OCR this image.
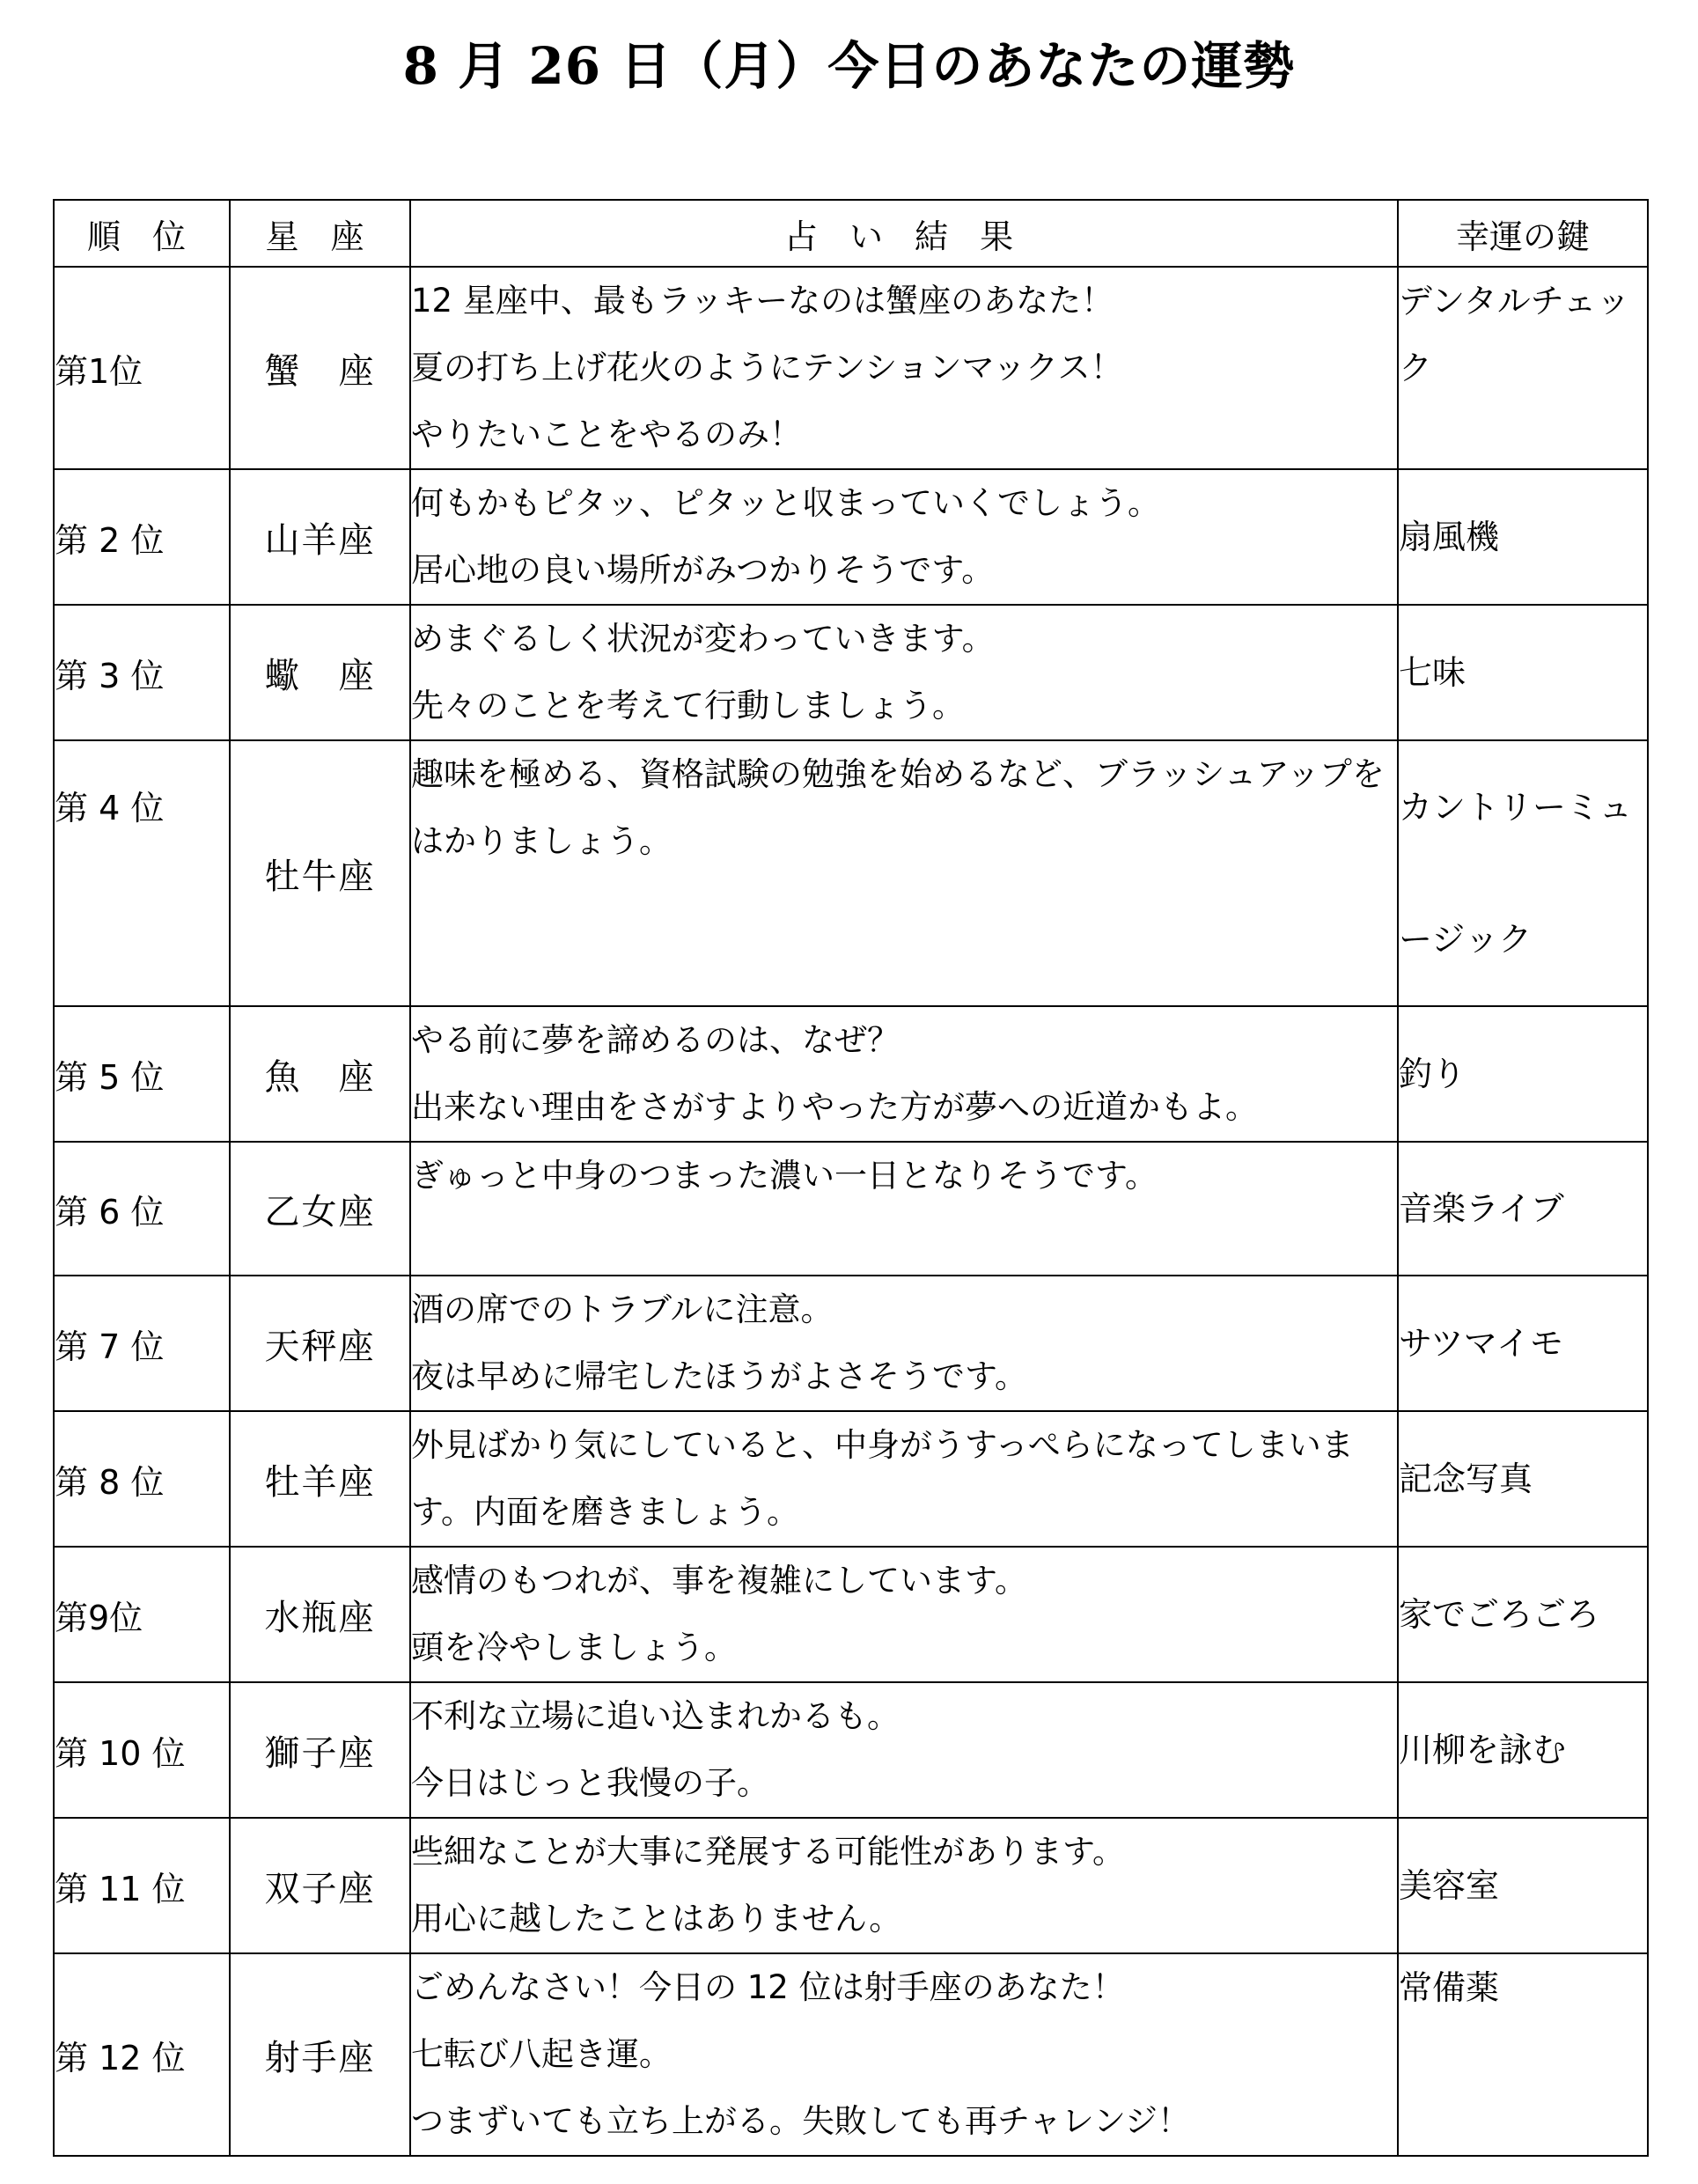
8 月 26 日（月）今日のあなたの運勢
順 位	星 座	占 い 結 果	幸運の鍵
第1位	蟹　座	12 星座中、最もラッキーなのは蟹座のあなた！
夏の打ち上げ花火のようにテンションマックス！
やりたいことをやるのみ！	デンタルチェック
第 2 位	山羊座	何もかもピタッ、ピタッと収まっていくでしょう。
居心地の良い場所がみつかりそうです。	扇風機
第 3 位	蠍　座	めまぐるしく状況が変わっていきます。
先々のことを考えて行動しましょう。	七味
第 4 位	牡牛座	趣味を極める、資格試験の勉強を始めるなど、ブラッシュアップをはかりましょう。	カントリーミュージック
第 5 位	魚　座	やる前に夢を諦めるのは、なぜ？
出来ない理由をさがすよりやった方が夢への近道かもよ。	釣り
第 6 位	乙女座	ぎゅっと中身のつまった濃い一日となりそうです。	音楽ライブ
第 7 位	天秤座	酒の席でのトラブルに注意。
夜は早めに帰宅したほうがよさそうです。	サツマイモ
第 8 位	牡羊座	外見ばかり気にしていると、中身がうすっぺらになってしまいます。内面を磨きましょう。	記念写真
第9位	水瓶座	感情のもつれが、事を複雑にしています。
頭を冷やしましょう。	家でごろごろ
第 10 位	獅子座	不利な立場に追い込まれかるも。
今日はじっと我慢の子。	川柳を詠む
第 11 位	双子座	些細なことが大事に発展する可能性があります。
用心に越したことはありません。	美容室
第 12 位	射手座	ごめんなさい！今日の 12 位は射手座のあなた！
七転び八起き運。
つまずいても立ち上がる。失敗しても再チャレンジ！	常備薬
